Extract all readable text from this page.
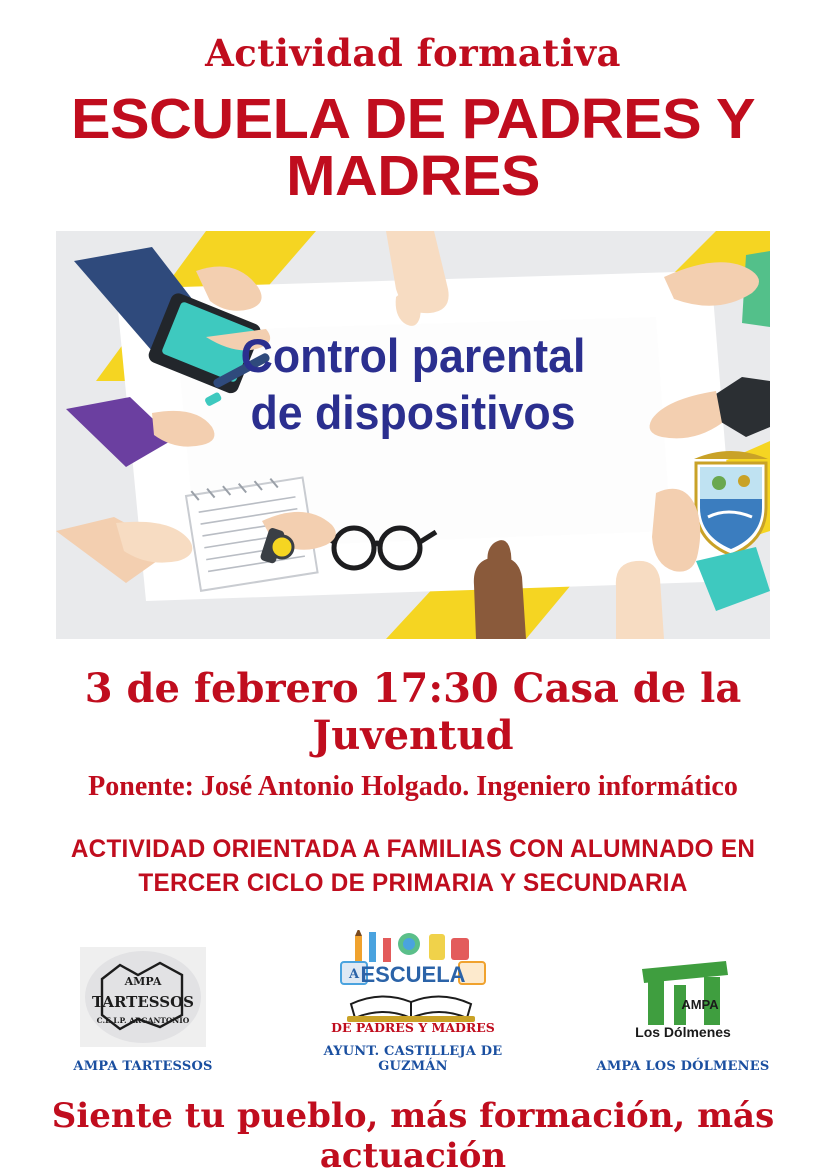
Actividad formativa
ESCUELA DE PADRES Y MADRES
Control parental
de dispositivos
3 de febrero 17:30 Casa de la Juventud
Ponente: José Antonio Holgado. Ingeniero informático
ACTIVIDAD ORIENTADA A FAMILIAS CON ALUMNADO EN
TERCER CICLO DE PRIMARIA Y SECUNDARIA
AMPA
TARTESSOS
C.E.I.P. ARGANTONIO
AMPA TARTESSOS
A ESCUELA
DE PADRES Y MADRES
AYUNT. CASTILLEJA DE GUZMÁN
AMPA
Los Dólmenes
AMPA LOS DÓLMENES
Siente tu pueblo, más formación, más actuación
